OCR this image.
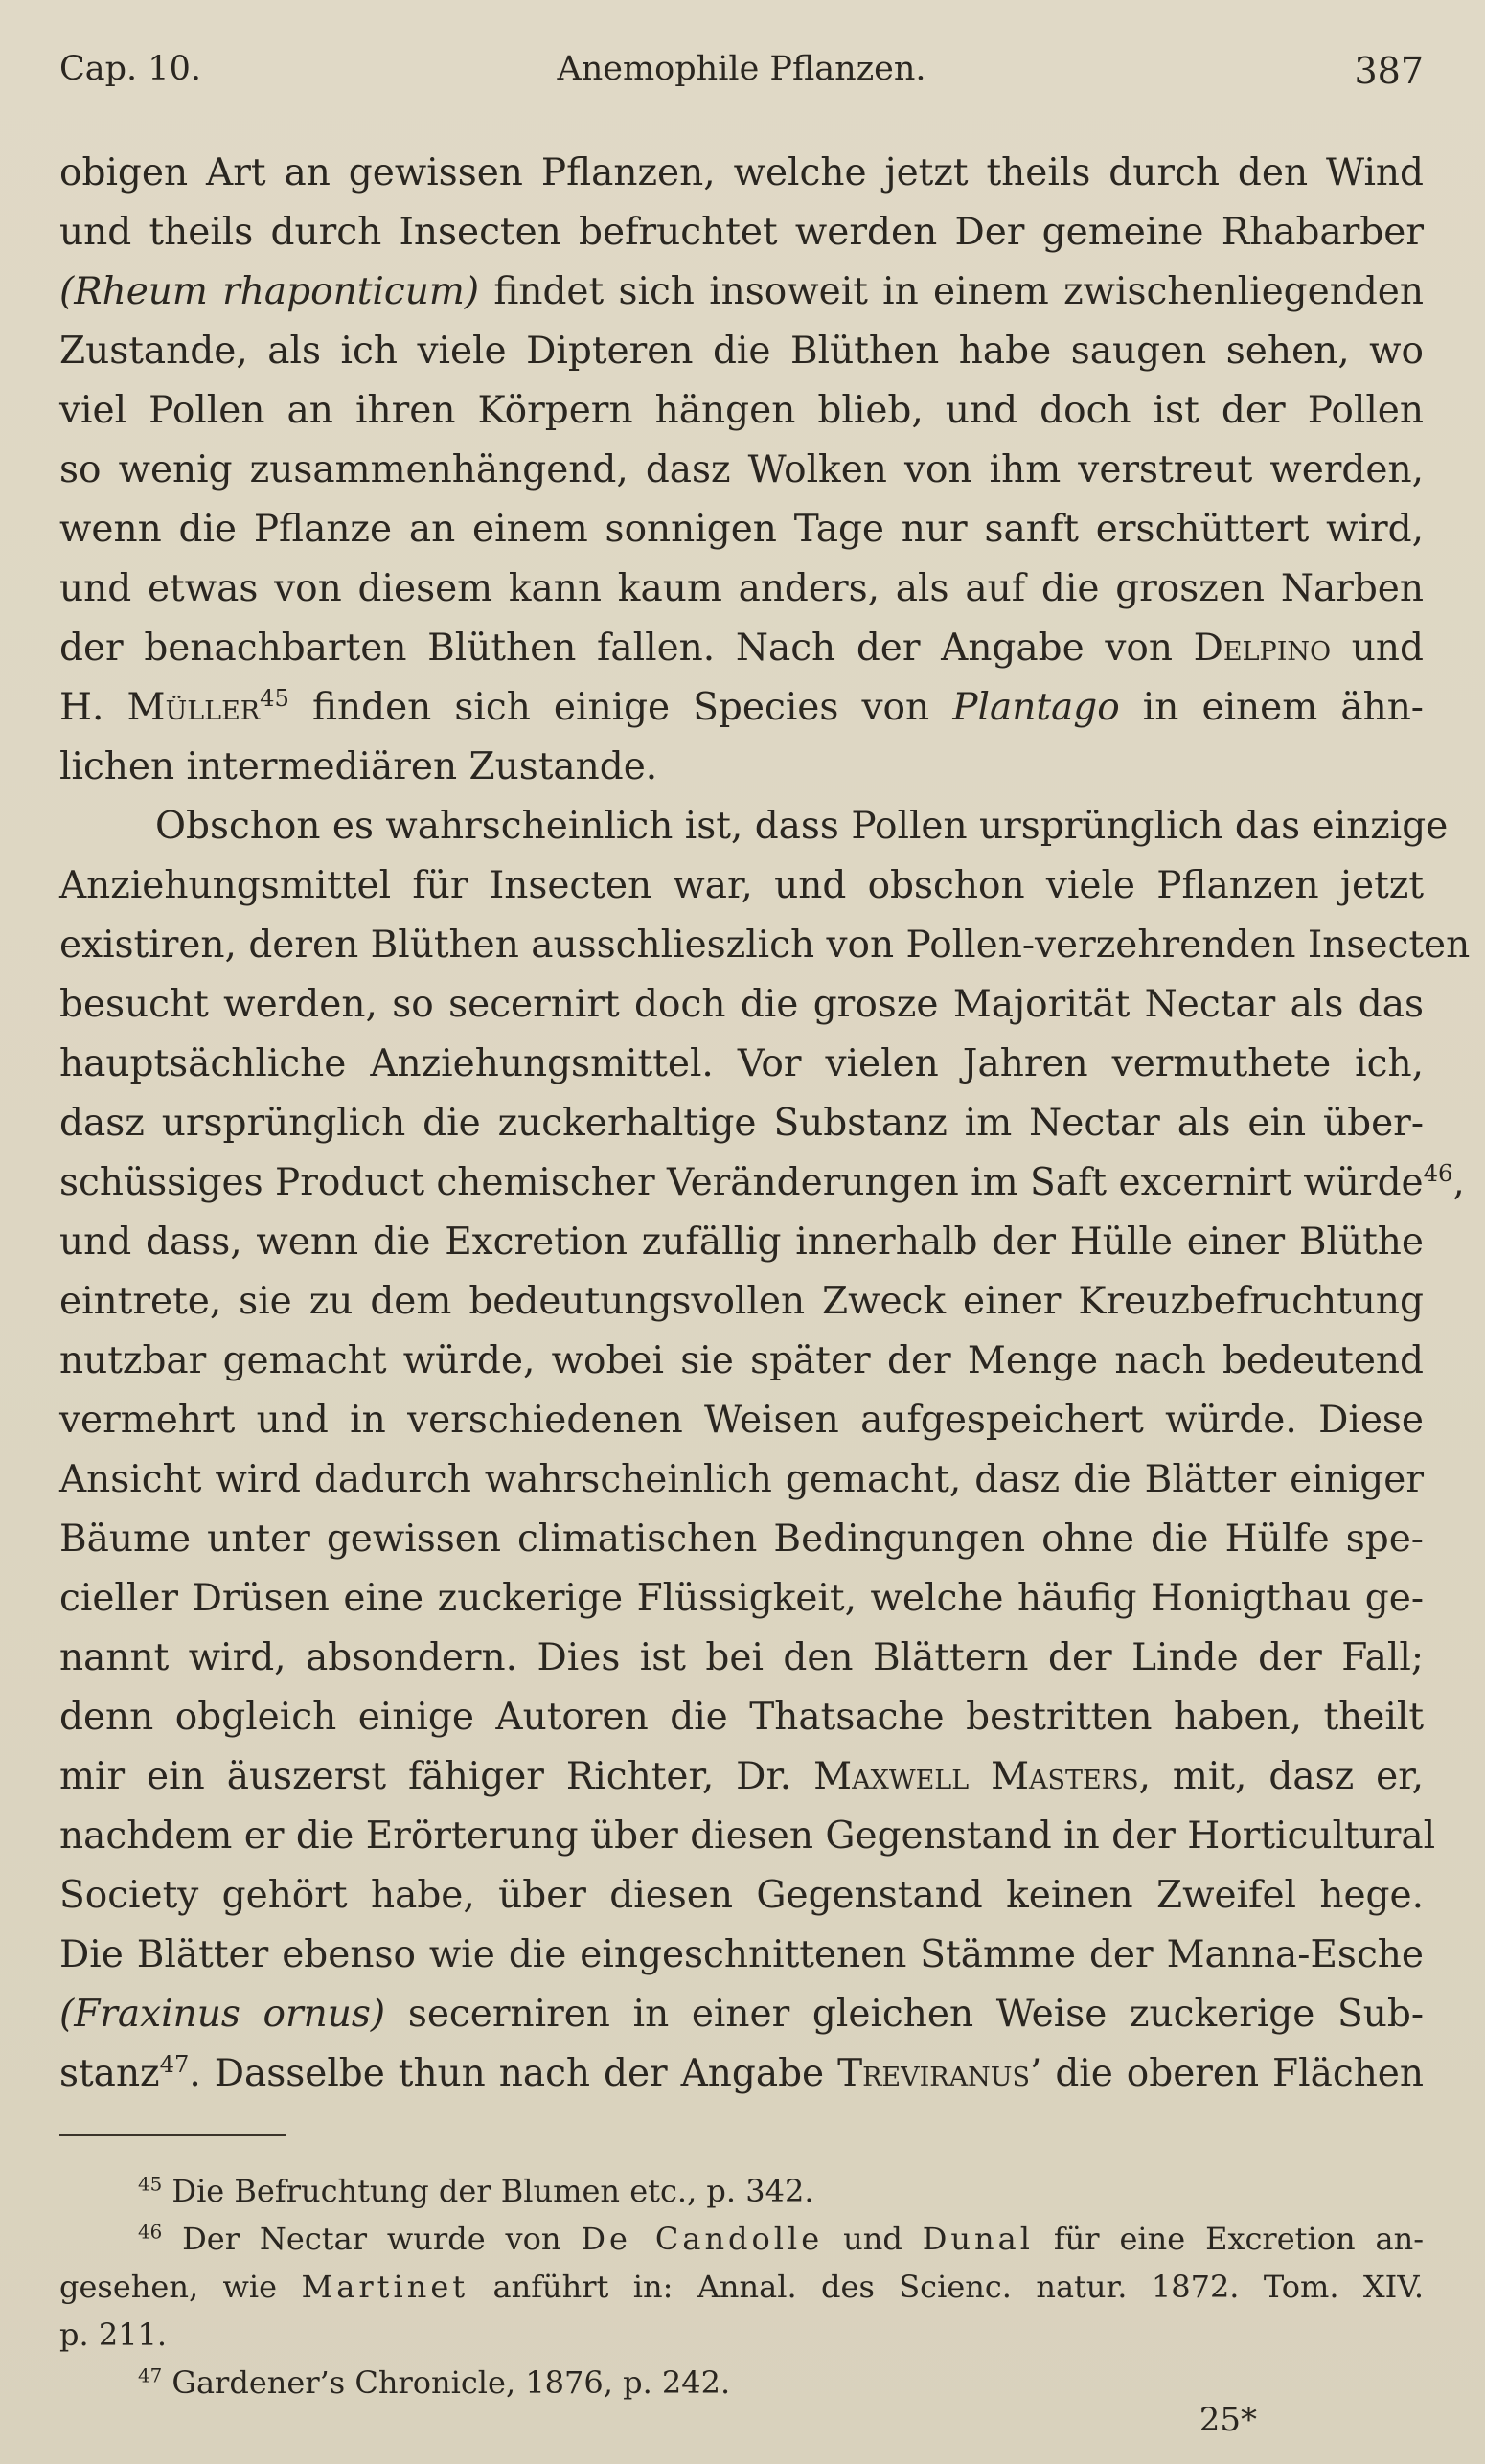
Cap. 10.	Anemophile Pflanzen.	387
obigen Art an gewissen Pflanzen, welche jetzt theils durch den Wind
und theils durch Insecten befruchtet werden Der gemeine Rhabarber
(Rheum rhaponticum) findet sich insoweit in einem zwischenliegenden
Zustande, als ich viele Dipteren die Blüthen habe saugen sehen, wo
viel Pollen an ihren Körpern hängen blieb, und doch ist der Pollen
so wenig zusammenhängend, dasz Wolken von ihm verstreut werden,
wenn die Pflanze an einem sonnigen Tage nur sanft erschüttert wird,
und etwas von diesem kann kaum anders, als auf die groszen Narben
der benachbarten Blüthen fallen. Nach der Angabe von Delpino und
H. Müller$^{45}$ finden sich einige Species von Plantago in einem ähn-
lichen intermediären Zustande.
Obschon es wahrscheinlich ist, dass Pollen ursprünglich das einzige
Anziehungsmittel für Insecten war, und obschon viele Pflanzen jetzt
existiren, deren Blüthen ausschlieszlich von Pollen-verzehrenden Insecten
besucht werden, so secernirt doch die grosze Majorität Nectar als das
hauptsächliche Anziehungsmittel. Vor vielen Jahren vermuthete ich,
dasz ursprünglich die zuckerhaltige Substanz im Nectar als ein über-
schüssiges Product chemischer Veränderungen im Saft excernirt würde$^{46}$,
und dass, wenn die Excretion zufällig innerhalb der Hülle einer Blüthe
eintrete, sie zu dem bedeutungsvollen Zweck einer Kreuzbefruchtung
nutzbar gemacht würde, wobei sie später der Menge nach bedeutend
vermehrt und in verschiedenen Weisen aufgespeichert würde. Diese
Ansicht wird dadurch wahrscheinlich gemacht, dasz die Blätter einiger
Bäume unter gewissen climatischen Bedingungen ohne die Hülfe spe-
cieller Drüsen eine zuckerige Flüssigkeit, welche häufig Honigthau ge-
nannt wird, absondern. Dies ist bei den Blättern der Linde der Fall;
denn obgleich einige Autoren die Thatsache bestritten haben, theilt
mir ein äuszerst fähiger Richter, Dr. Maxwell Masters, mit, dasz er,
nachdem er die Erörterung über diesen Gegenstand in der Horticultural
Society gehört habe, über diesen Gegenstand keinen Zweifel hege.
Die Blätter ebenso wie die eingeschnittenen Stämme der Manna-Esche
(Fraxinus ornus) secerniren in einer gleichen Weise zuckerige Sub-
stanz$^{47}$. Dasselbe thun nach der Angabe Treviranus’ die oberen Flächen
$^{45}$ Die Befruchtung der Blumen etc., p. 342.
$^{46}$ Der Nectar wurde von De Candolle und Dunal für eine Excretion an-
gesehen, wie Martinet anführt in: Annal. des Scienc. natur. 1872. Tom. XIV.
p. 211.
$^{47}$ Gardener’s Chronicle, 1876, p. 242.
25*
